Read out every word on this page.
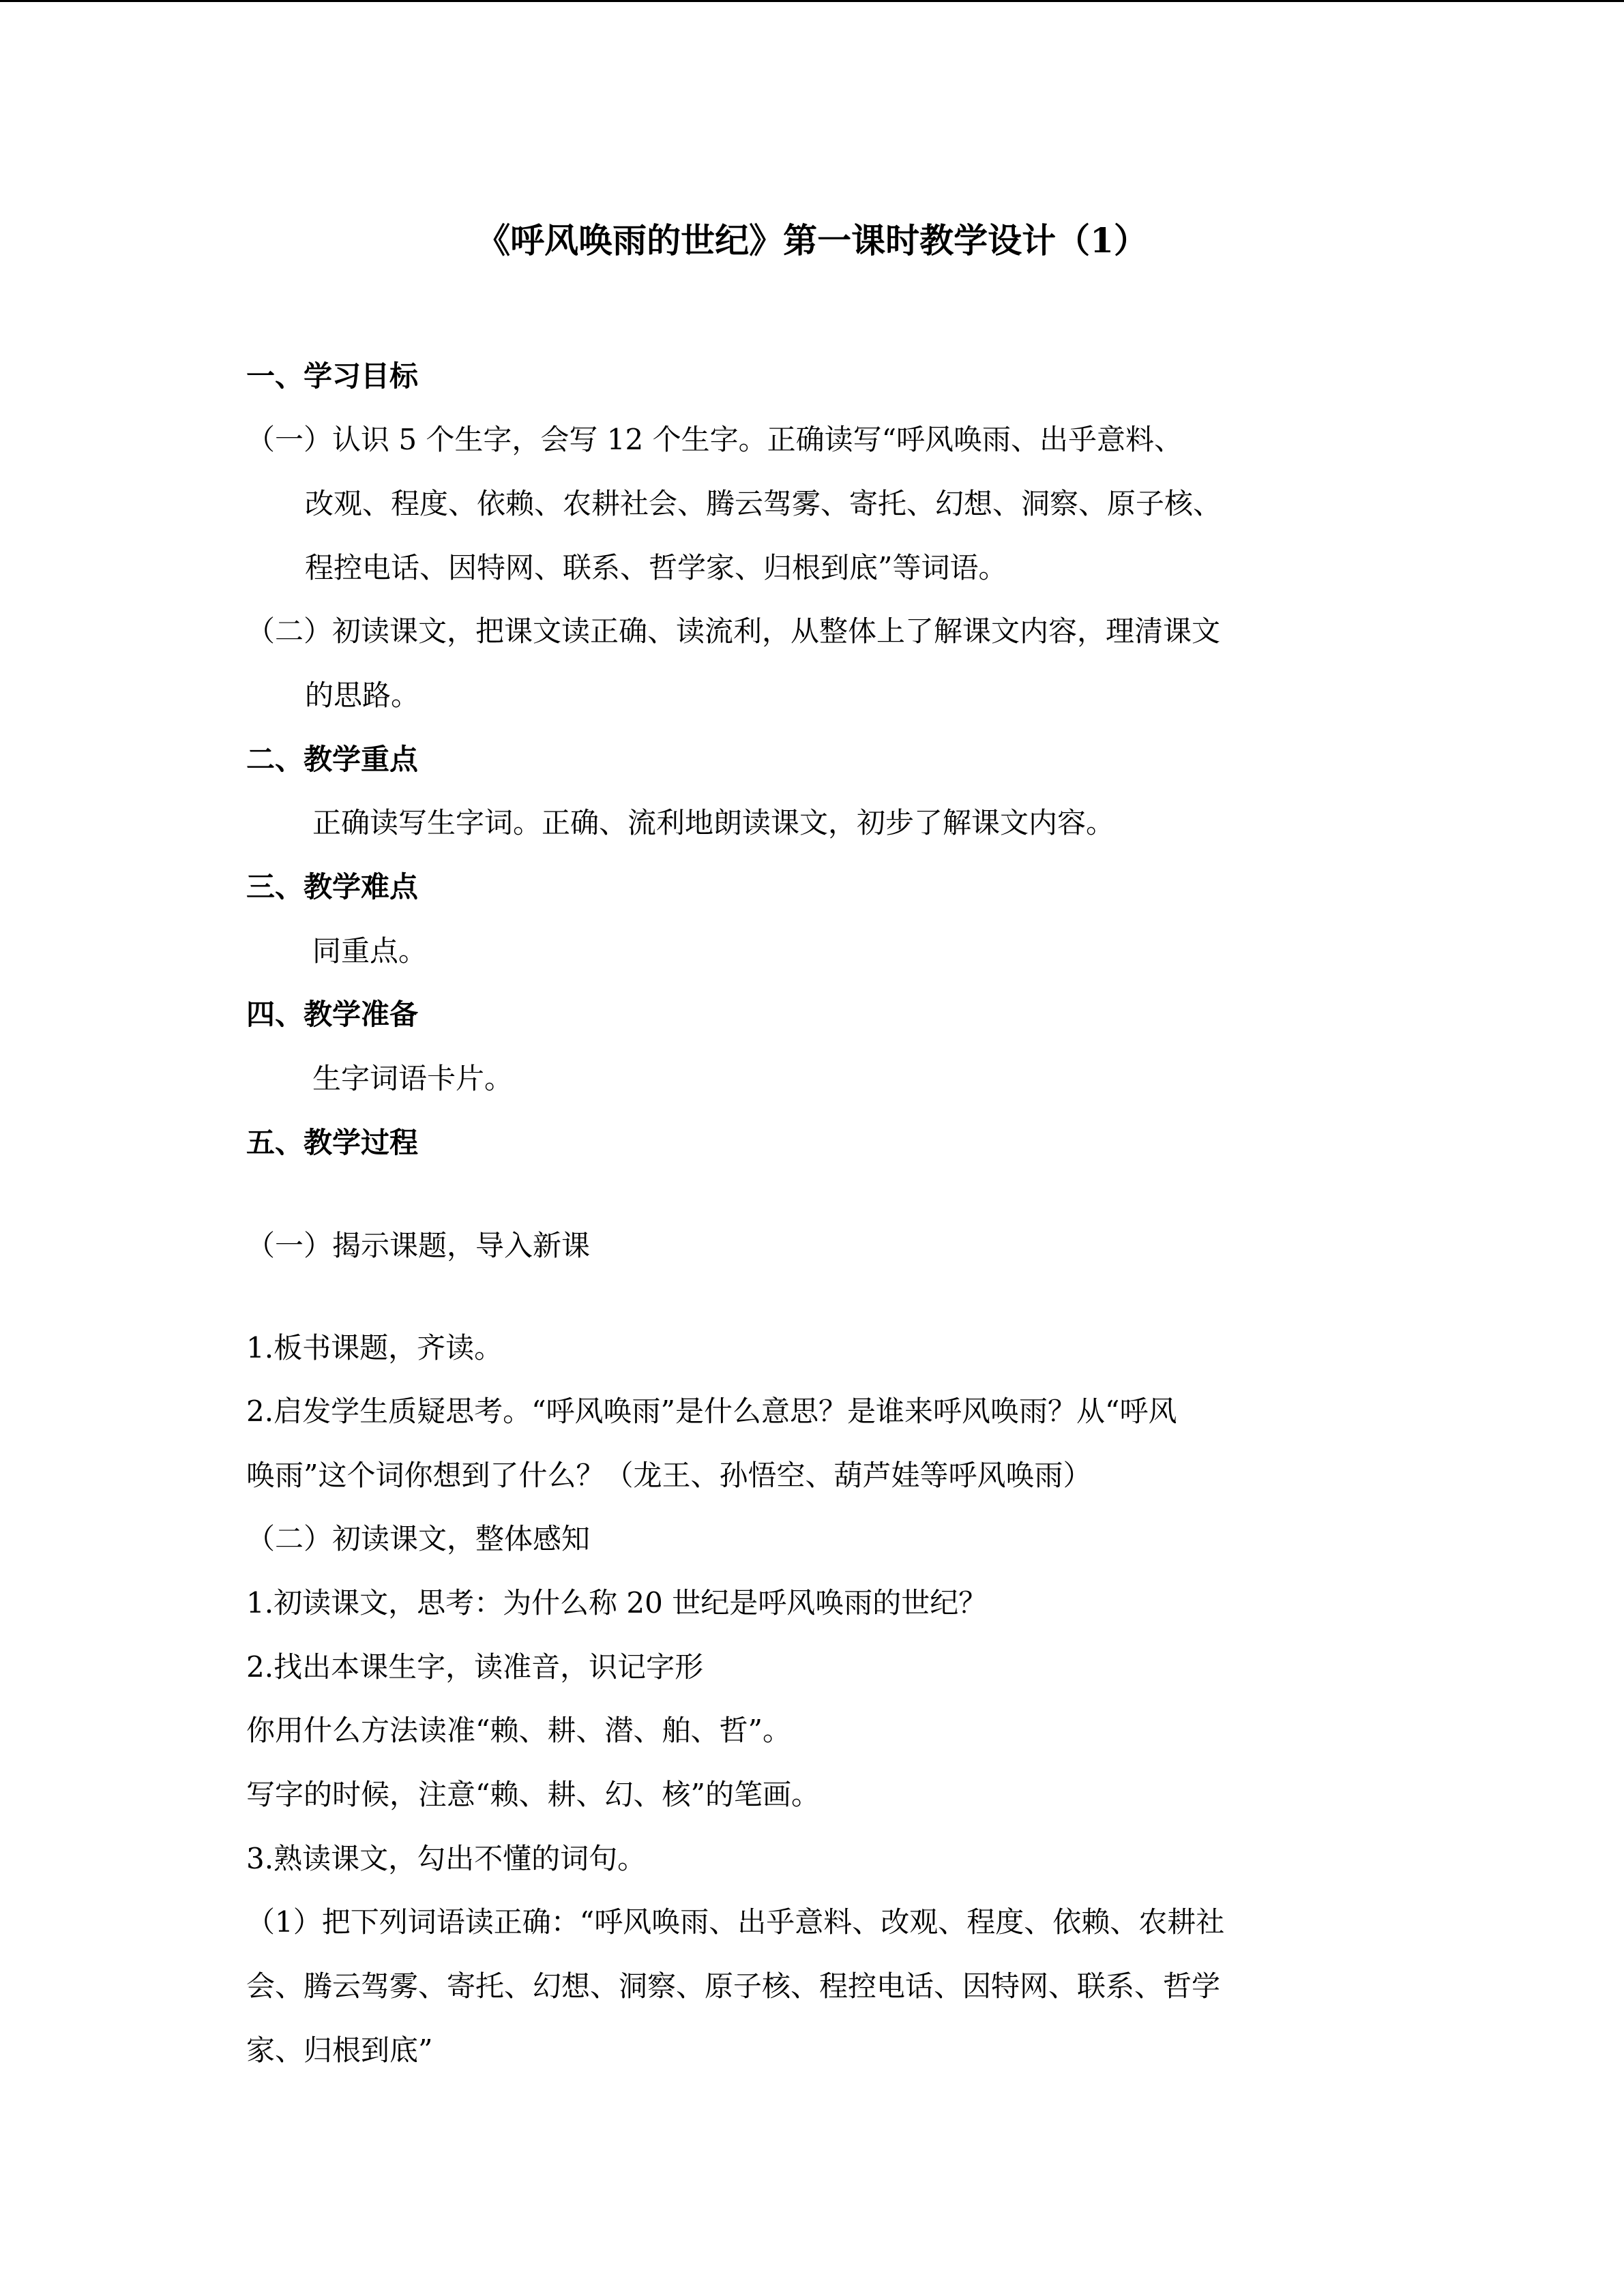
《呼风唤雨的世纪》第一课时教学设计（1）
一、学习目标
（一）认识 5 个生字，会写 12 个生字。正确读写“呼风唤雨、出乎意料、
改观、程度、依赖、农耕社会、腾云驾雾、寄托、幻想、洞察、原子核、
程控电话、因特网、联系、哲学家、归根到底”等词语。
（二）初读课文，把课文读正确、读流利，从整体上了解课文内容，理清课文
的思路。
二、教学重点
正确读写生字词。正确、流利地朗读课文，初步了解课文内容。
三、教学难点
同重点。
四、教学准备
生字词语卡片。
五、教学过程
（一）揭示课题，导入新课
1.板书课题，齐读。
2.启发学生质疑思考。“呼风唤雨”是什么意思？是谁来呼风唤雨？从“呼风
唤雨”这个词你想到了什么？（龙王、孙悟空、葫芦娃等呼风唤雨）
（二）初读课文，整体感知
1.初读课文，思考：为什么称 20 世纪是呼风唤雨的世纪？
2.找出本课生字，读准音，识记字形
你用什么方法读准“赖、耕、潜、舶、哲”。
写字的时候，注意“赖、耕、幻、核”的笔画。
3.熟读课文，勾出不懂的词句。
（1）把下列词语读正确：“呼风唤雨、出乎意料、改观、程度、依赖、农耕社
会、腾云驾雾、寄托、幻想、洞察、原子核、程控电话、因特网、联系、哲学
家、归根到底”
